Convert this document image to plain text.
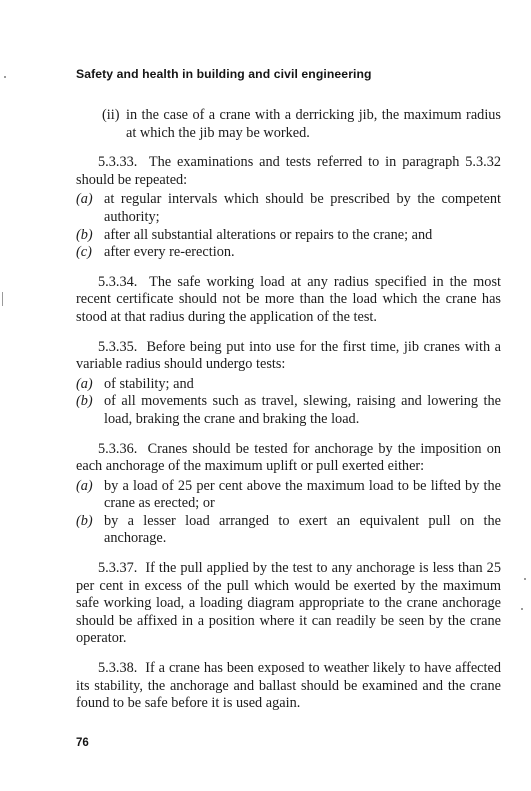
Safety and health in building and civil engineering

(ii) in the case of a crane with a derricking jib, the maximum radius at which the jib may be worked.

5.3.33. The examinations and tests referred to in paragraph 5.3.32 should be repeated:

(a) at regular intervals which should be prescribed by the competent authority;

(b) after all substantial alterations or repairs to the crane; and

(c) after every re-erection.

5.3.34. The safe working load at any radius specified in the most recent certificate should not be more than the load which the crane has stood at that radius during the application of the test.

5.3.35. Before being put into use for the first time, jib cranes with a variable radius should undergo tests:

(a) of stability; and

(b) of all movements such as travel, slewing, raising and lowering the load, braking the crane and braking the load.

5.3.36. Cranes should be tested for anchorage by the imposition on each anchorage of the maximum uplift or pull exerted either:

(a) by a load of 25 per cent above the maximum load to be lifted by the crane as erected; or

(b) by a lesser load arranged to exert an equivalent pull on the anchorage.

5.3.37. If the pull applied by the test to any anchorage is less than 25 per cent in excess of the pull which would be exerted by the maximum safe working load, a loading diagram appropriate to the crane anchorage should be affixed in a position where it can readily be seen by the crane operator.

5.3.38. If a crane has been exposed to weather likely to have affected its stability, the anchorage and ballast should be examined and the crane found to be safe before it is used again.

76
